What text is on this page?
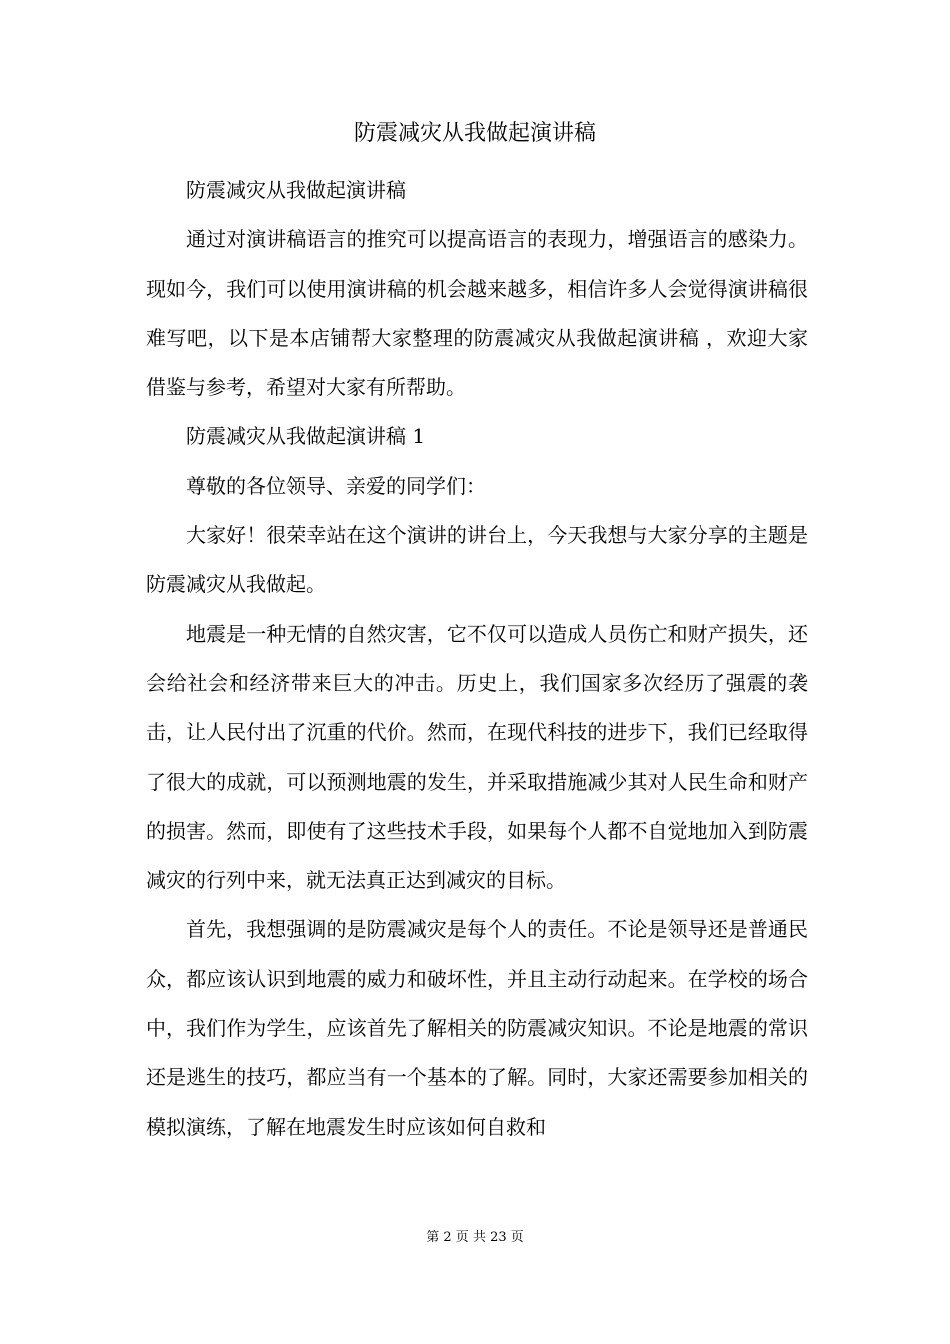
防震减灾从我做起演讲稿

防震减灾从我做起演讲稿

通过对演讲稿语言的推究可以提高语言的表现力，增强语言的感染力。现如今，我们可以使用演讲稿的机会越来越多，相信许多人会觉得演讲稿很难写吧，以下是本店铺帮大家整理的防震减灾从我做起演讲稿 ，欢迎大家借鉴与参考，希望对大家有所帮助。

防震减灾从我做起演讲稿 1

尊敬的各位领导、亲爱的同学们：

大家好！很荣幸站在这个演讲的讲台上，今天我想与大家分享的主题是防震减灾从我做起。

地震是一种无情的自然灾害，它不仅可以造成人员伤亡和财产损失，还会给社会和经济带来巨大的冲击。历史上，我们国家多次经历了强震的袭击，让人民付出了沉重的代价。然而，在现代科技的进步下，我们已经取得了很大的成就，可以预测地震的发生，并采取措施减少其对人民生命和财产的损害。然而，即使有了这些技术手段，如果每个人都不自觉地加入到防震减灾的行列中来，就无法真正达到减灾的目标。

首先，我想强调的是防震减灾是每个人的责任。不论是领导还是普通民众，都应该认识到地震的威力和破坏性，并且主动行动起来。在学校的场合中，我们作为学生，应该首先了解相关的防震减灾知识。不论是地震的常识还是逃生的技巧，都应当有一个基本的了解。同时，大家还需要参加相关的模拟演练，了解在地震发生时应该如何自救和

第 2 页 共 23 页
